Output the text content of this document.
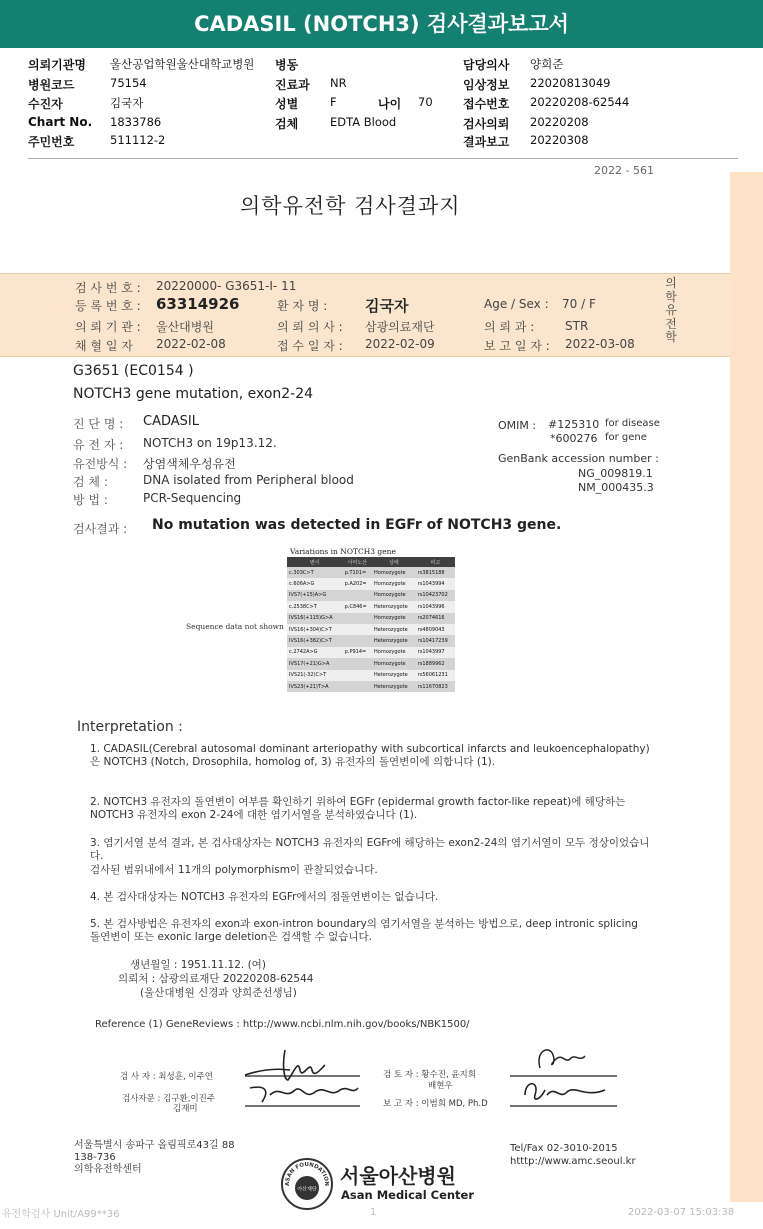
CADASIL (NOTCH3) 검사결과보고서
의뢰기관명 울산공업학원울산대학교병원
병원코드	75154
수진자	김국자
Chart No. 1833786
주민번호	511112-2
병동
진료과 NR
성별	F	나이 70
검체	EDTA Blood
담당의사 양희준
임상정보 22020813049
접수번호 20220208-62544
검사의뢰 20220208
결과보고 20220308
2022 - 561
의학유전학 검사결과지
검 사 번 호 : 20220000- G3651-I- 11
등 록 번 호 : 63314926	환 자 명 :	김국자	Age / Sex : 70 / F
의 뢰 기 관 : 울산대병원	의 뢰 의 사 : 삼광의료재단	의 뢰 과 :	STR
채 혈 일 자 2022-02-08	접 수 일 자 : 2022-02-09	보 고 일 자 : 2022-03-08
의
학
유
전
학
G3651 (EC0154 )
NOTCH3 gene mutation, exon2-24
진 단 명 : CADASIL
유 전 자 : NOTCH3 on 19p13.12.
유전방식 : 상염색체우성유전
검 체 :	DNA isolated from Peripheral blood
방 법 :	PCR-Sequencing
OMIM : #125310 for disease
*600276 for gene
GenBank accession number :
NG_009819.1
NM_000435.3
검사결과 : No mutation was detected in EGFr of NOTCH3 gene.
Variations in NOTCH3 gene
Sequence data not shown
변이	아미노산	상태	비고
c.303C>T	p.T101=	Homozygote	rs3815188
c.606A>G	p.A202=	Homozygote	rs1043994
IVS7(+15)A>G		Homozygote	rs10423702
c.2538C>T	p.C846=	Heterozygote	rs1043996
IVS16(+115)G>A		Homozygote	rs2074616
IVS16(+304)C>T		Heterozygote	rs4809043
IVS16(+382)C>T		Heterozygote	rs10417239
c.2742A>G	p.P914=	Homozygote	rs1043997
IVS17(+21)G>A		Homozygote	rs1889962
IVS21(-32)C>T		Heterozygote	rs56061231
IVS23(+21)T>A		Heterozygote	rs11670823
Interpretation :
1. CADASIL(Cerebral autosomal dominant arteriopathy with subcortical infarcts and leukoencephalopathy)은 NOTCH3 (Notch, Drosophila, homolog of, 3) 유전자의 돌연변이에 의합니다 (1).
2. NOTCH3 유전자의 돌연변이 여부를 확인하기 위하여 EGFr (epidermal growth factor-like repeat)에 해당하는 NOTCH3 유전자의 exon 2-24에 대한 염기서열을 분석하였습니다 (1).
3. 염기서열 분석 결과, 본 검사대상자는 NOTCH3 유전자의 EGFr에 해당하는 exon2-24의 염기서열이 모두 정상이었습니다.
검사된 범위내에서 11개의 polymorphism이 관찰되었습니다.
4. 본 검사대상자는 NOTCH3 유전자의 EGFr에서의 점돌연변이는 없습니다.
5. 본 검사방법은 유전자의 exon과 exon-intron boundary의 염기서열을 분석하는 방법으로, deep intronic splicing 돌연변이 또는 exonic large deletion은 검색할 수 없습니다.
생년월일 : 1951.11.12. (여)
의뢰처 : 삼광의료재단 20220208-62544
(울산대병원 신경과 양희준선생님)
Reference (1) GeneReviews : http://www.ncbi.nlm.nih.gov/books/NBK1500/
검 사 자 : 최성훈, 이주연
검사자문 : 김구환,이진주
김재미
검 토 자 : 황수진, 윤지희
배현우
보 고 자 : 이범희 MD, Ph.D
서울특별시 송파구 올림픽로43길 88
138-736
의학유전학센터
Tel/Fax 02-3010-2015
htttp://www.amc.seoul.kr
ASAN FOUNDATION
아산재단
서울아산병원
Asan Medical Center
유전학검사 Unit/A99**36	1	2022-03-07 15:03:38
